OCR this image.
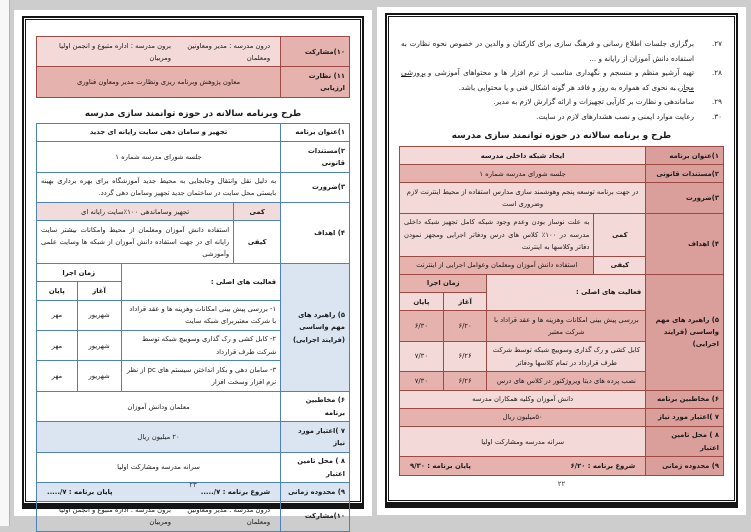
۲۷.
برگزاری جلسات اطلاع رسانی و فرهنگ سازی برای کارکنان و والدین در خصوص نحوه نظارت به استفاده دانش آموزان از رایانه و ...
۲۸.
تهیه آرشیو منظم و منسجم و نگهداری مناسب از نرم افزار ها و محتواهای آموزشی وپرورشی مجازیبه نحوی که همواره به روز و فاقد هر گونه اشکال فنی و یا محتوایی باشد.
۲۹.
ساماندهی و نظارت بر کارآیی تجهیزات و ارائه گزارش لازم به مدیر.
۳۰.
رعایت موارد ایمنی و نصب هشدارهای لازم در سایت.
طرح و برنامه سالانه در حوزه توانمند سازی مدرسه
۱)عنوان برنامه	ایجاد شبکه داخلی مدرسه			
۲)مستندات قانونی	جلسه شورای مدرسه شماره ۱			
۳)ضرورت	در جهت برنامه توسعه پنجم وهوشمند سازی مدارس استفاده از محیط اینترنت لازم وضروری است			
۴) اهداف	کمی	به علت نوساز بودن وعدم وجود شبکه کامل تجهیز شبکه داخلی مدرسه در ۱۰۰٪ کلاس های درس ودفاتر اجرایی ومجهز نمودن دفاتر وکلاسها به اینترنت		
	کیفی	استفاده دانش آموزان ومعلمان وعوامل اجرایی از اینترنت		
۵) راهبرد های مهم واساسی (فرایند اجرایی)	فعالیت های اصلی :		زمان اجرا	
			آغاز	پایان
	بررسی پیش بینی امکانات وهزینه ها و عقد قراداد با شرکت معتبر		۶/۲۰	۶/۳۰
	کابل کشی و رک گذاری وسوییچ شبکه توسط شرکت طرف قرارداد در تمام کلاسها ودفاتر		۶/۲۶	۷/۳۰
	نصب پرده های دیتا ویروژکتور در کلاس های درس		۶/۲۶	۷/۳۰
۶) مخاطبین برنامه	دانش آموزان وکلیه همکاران مدرسه			
۷ )اعتبار مورد نیاز	۵۰میلیون ریال			
۸ ) محل تامین اعتبار	سرانه مدرسه ومشارکت اولیا			
۹) محدوده زمانی	شروع برنامه : ۶/۲۰
پایان برنامه : ۹/۳۰			
۲۲
۱۰)مشارکت	درون مدرسه : مدیر ومعاونین ومعلمان
برون مدرسه : اداره متبوع و انجمن اولیا ومربیان

۱۱) نظارت ارزیابی	معاون پژوهش وبرنامه ریزی ونظارت مدیر ومعاون فناوری
طرح وبرنامه سالانه در حوزه توانمند سازی مدرسه
۱)عنوان برنامه	تجهیز و سامان دهی سایت رایانه ای جدید			
۲)مستندات قانونی	جلسه شورای مدرسه شماره ۱			
۳)ضرورت	به دلیل نقل وانتقال وجابجایی به محیط جدید آموزشگاه برای بهره برداری بهینه بایستی محل سایت در ساختمان جدید تجهیز وسامان دهی گردد.			
۴) اهداف	کمی	تجهیز وساماندهی ۱۰۰٪سایت رایانه ای		
	کیفی	استفاده دانش آموزان ومعلمان از محیط وامکانات بیشتر سایت رایانه ای در جهت استفاده دانش آموزان از شبکه ها وسایت علمی وآموزشی		
۵) راهبرد های مهم واساسی (فرایند اجرایی)	فعالیت های اصلی :		زمان اجرا	
			آغاز	پایان
	۱- بررسی پیش بینی امکانات وهزینه ها و عقد قراداد با شرکت معتبربرای شبکه سایت		شهریور	مهر
	۲- کابل کشی و رک گذاری وسوییچ شبکه توسط شرکت طرف قرارداد		شهریور	مهر
	۳- سامان دهی و بکار انداختن سیستم های pc از نظر نرم افزار وسخت افزار		شهریور	مهر
۶) مخاطبین برنامه	معلمان ودانش آموزان			
۷ )اعتبار مورد نیاز	۲۰ میلیون ریال			
۸ ) محل تامین اعتبار	سرانه مدرسه ومشارکت اولیا			
۹) محدوده زمانی	شروع برنامه : ۷/.....
پایان برنامه : ۷/.....			

۱۰)مشارکت	درون مدرسه : مدیر ومعاونین ومعلمان
برون مدرسه : اداره متبوع و انجمن اولیا ومربیان			
۲۳
